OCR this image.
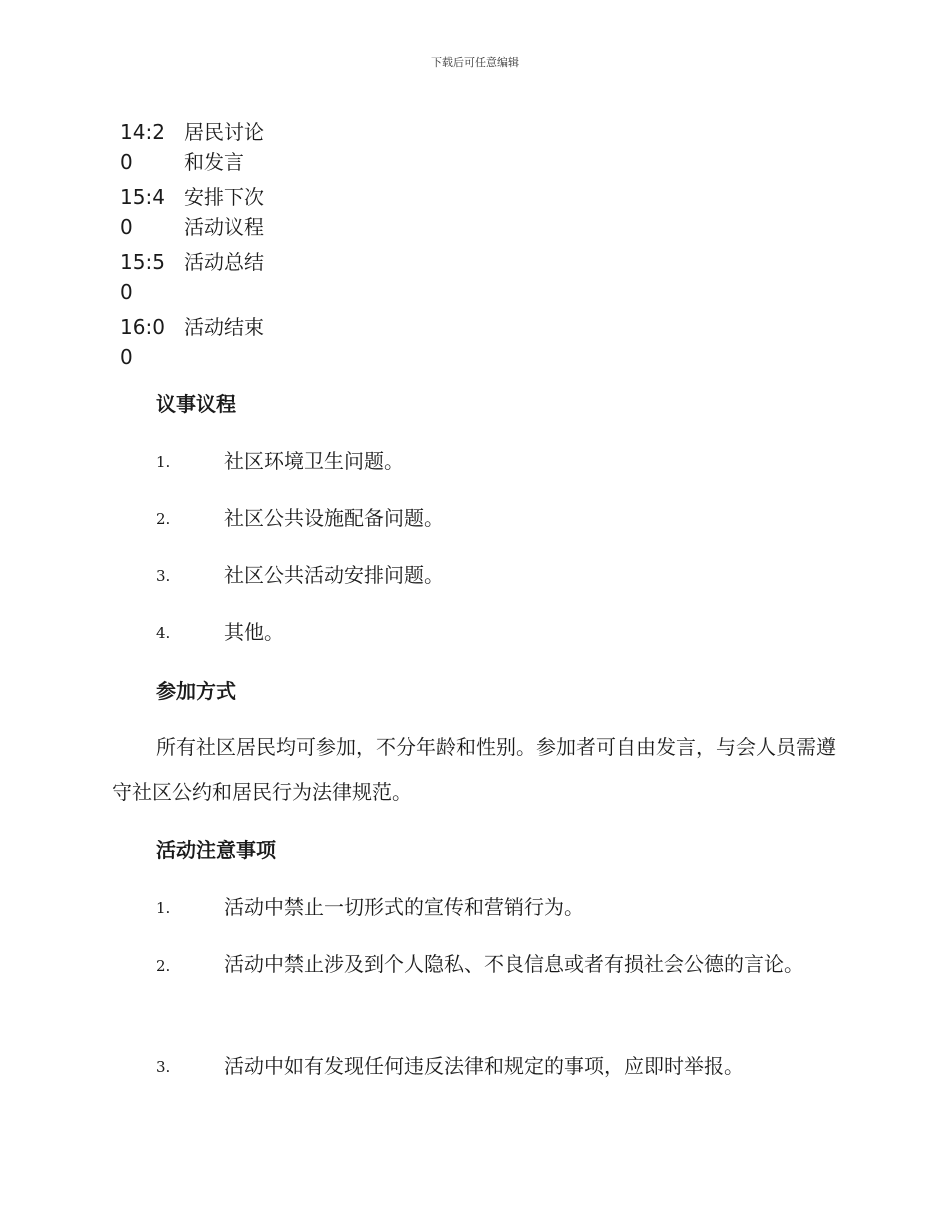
下载后可任意编辑
14:20
居民讨论和发言
15:40
安排下次活动议程
15:50
活动总结
16:00
活动结束
议事议程
1.	社区环境卫生问题。
2.	社区公共设施配备问题。
3.	社区公共活动安排问题。
4.	其他。
参加方式
所有社区居民均可参加，不分年龄和性别。参加者可自由发言，与会人员需遵守社区公约和居民行为法律规范。
活动注意事项
1.	活动中禁止一切形式的宣传和营销行为。
2.	活动中禁止涉及到个人隐私、不良信息或者有损社会公德的言论。
3.	活动中如有发现任何违反法律和规定的事项，应即时举报。
